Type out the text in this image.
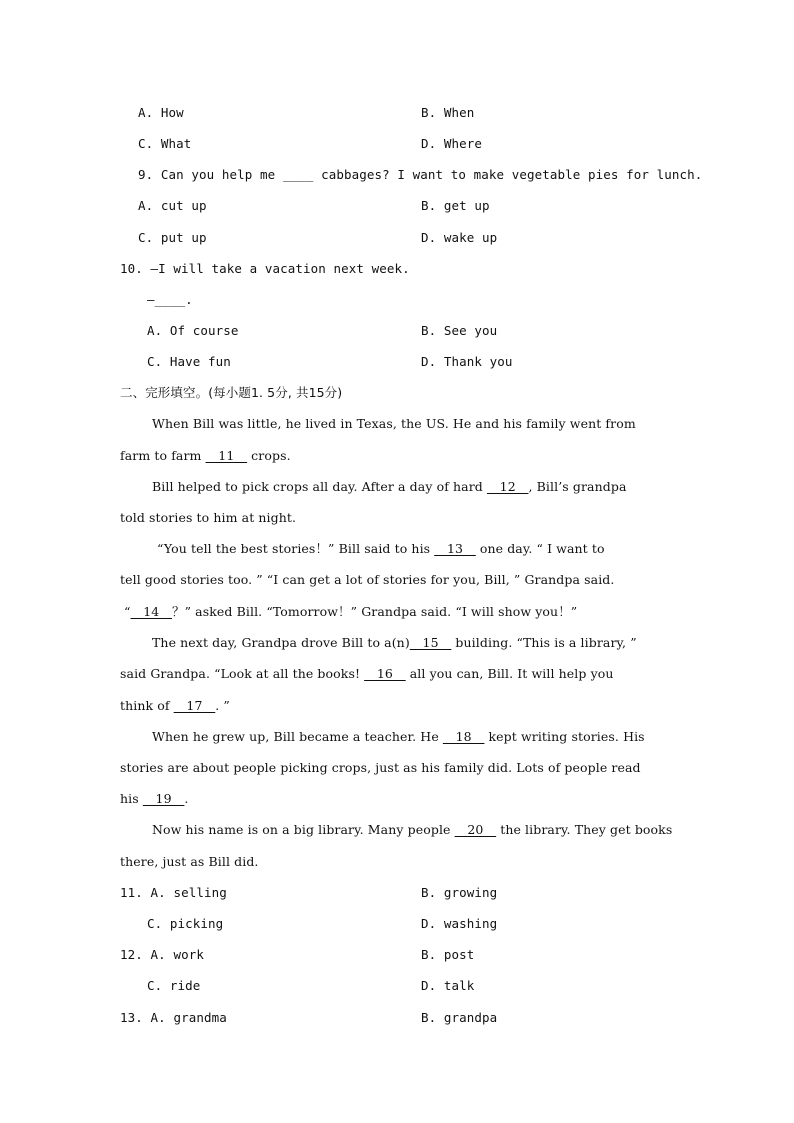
A. How	B. When
C. What	D. Where
9. Can you help me ____ cabbages? I want to make vegetable pies for lunch.
A. cut up	B. get up
C. put up	D. wake up
10. —I will take a vacation next week.
—____.
A. Of course	B. See you
C. Have fun	D. Thank you
二、完形填空。(每小题1. 5分, 共15分)
When Bill was little, he lived in Texas, the US. He and his family went from
farm to farm __11__ crops.
Bill helped to pick crops all day. After a day of hard __12__, Bill’s grandpa
told stories to him at night.
“You tell the best stories！” Bill said to his __13__ one day. “ I want to
tell good stories too. ” “I can get a lot of stories for you, Bill, ” Grandpa said.
“__14__？” asked Bill. “Tomorrow！” Grandpa said. “I will show you！”
The next day, Grandpa drove Bill to a(n)__15__ building. “This is a library, ”
said Grandpa. “Look at all the books! __16__ all you can, Bill. It will help you
think of __17__. ”
When he grew up, Bill became a teacher. He __18__ kept writing stories. His
stories are about people picking crops, just as his family did. Lots of people read
his __19__.
Now his name is on a big library. Many people __20__ the library. They get books
there, just as Bill did.
11. A. selling	B. growing
C. picking	D. washing
12. A. work	B. post
C. ride	D. talk
13. A. grandma	B. grandpa
